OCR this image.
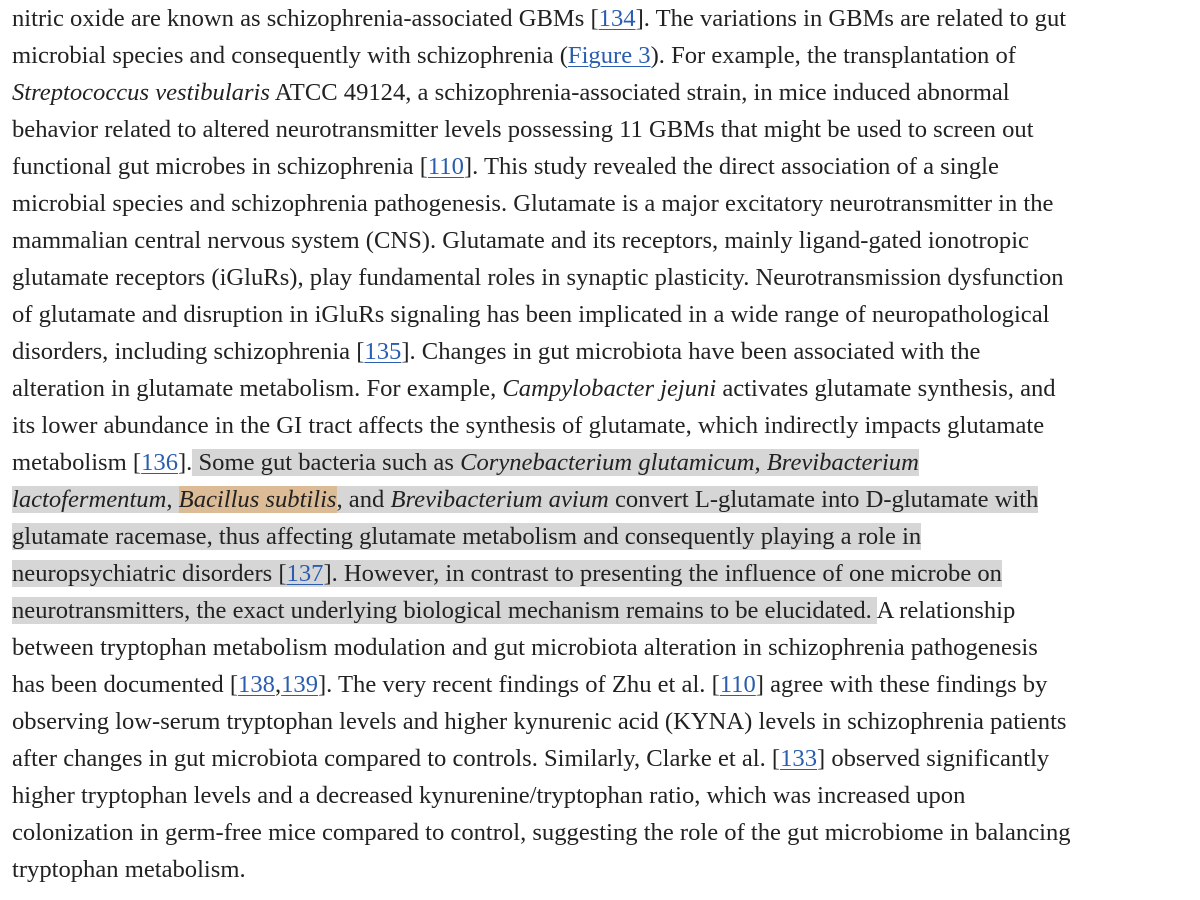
nitric oxide are known as schizophrenia-associated GBMs [134]. The variations in GBMs are related to gut
microbial species and consequently with schizophrenia (Figure 3). For example, the transplantation of
Streptococcus vestibularis ATCC 49124, a schizophrenia-associated strain, in mice induced abnormal
behavior related to altered neurotransmitter levels possessing 11 GBMs that might be used to screen out
functional gut microbes in schizophrenia [110]. This study revealed the direct association of a single
microbial species and schizophrenia pathogenesis. Glutamate is a major excitatory neurotransmitter in the
mammalian central nervous system (CNS). Glutamate and its receptors, mainly ligand-gated ionotropic
glutamate receptors (iGluRs), play fundamental roles in synaptic plasticity. Neurotransmission dysfunction
of glutamate and disruption in iGluRs signaling has been implicated in a wide range of neuropathological
disorders, including schizophrenia [135]. Changes in gut microbiota have been associated with the
alteration in glutamate metabolism. For example, Campylobacter jejuni activates glutamate synthesis, and
its lower abundance in the GI tract affects the synthesis of glutamate, which indirectly impacts glutamate
metabolism [136]. Some gut bacteria such as Corynebacterium glutamicum, Brevibacterium
lactofermentum, Bacillus subtilis, and Brevibacterium avium convert L-glutamate into D-glutamate with
glutamate racemase, thus affecting glutamate metabolism and consequently playing a role in
neuropsychiatric disorders [137]. However, in contrast to presenting the influence of one microbe on
neurotransmitters, the exact underlying biological mechanism remains to be elucidated. A relationship
between tryptophan metabolism modulation and gut microbiota alteration in schizophrenia pathogenesis
has been documented [138,139]. The very recent findings of Zhu et al. [110] agree with these findings by
observing low-serum tryptophan levels and higher kynurenic acid (KYNA) levels in schizophrenia patients
after changes in gut microbiota compared to controls. Similarly, Clarke et al. [133] observed significantly
higher tryptophan levels and a decreased kynurenine/tryptophan ratio, which was increased upon
colonization in germ-free mice compared to control, suggesting the role of the gut microbiome in balancing
tryptophan metabolism.
